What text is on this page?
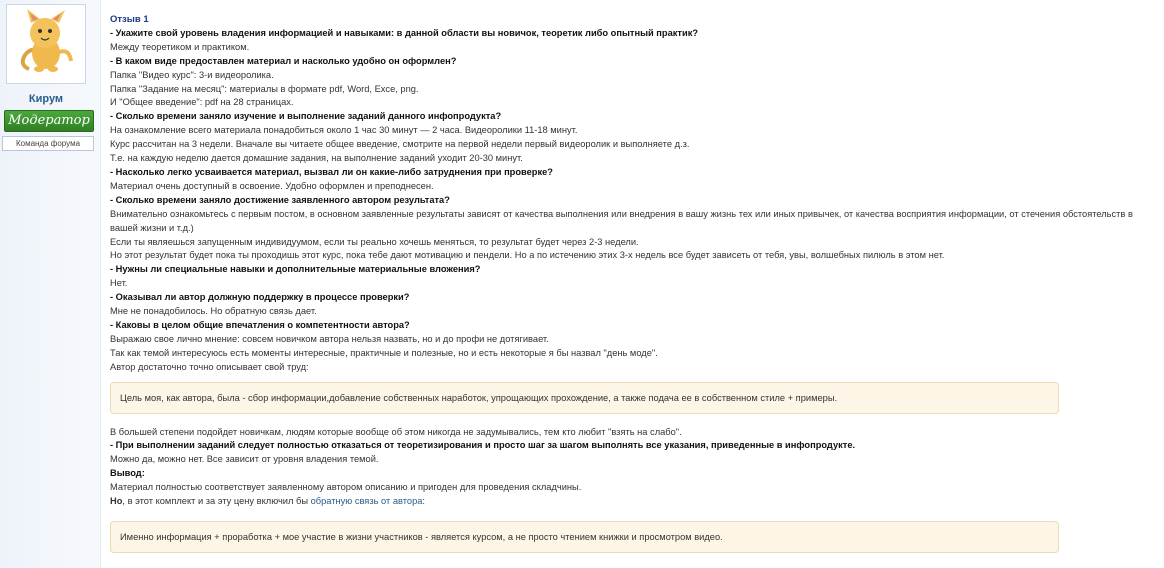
Кирум
Модератор
Команда форума
Отзыв 1
- Укажите свой уровень владения информацией и навыками: в данной области вы новичок, теоретик либо опытный практик?
Между теоретиком и практиком.
- В каком виде предоставлен материал и насколько удобно он оформлен?
Папка "Видео курс": 3-и видеоролика.
Папка "Задание на месяц": материалы в формате pdf, Word, Exce, png.
И "Общее введение": pdf на 28 страницах.
- Сколько времени заняло изучение и выполнение заданий данного инфопродукта?
На ознакомление всего материала понадобиться около 1 час 30 минут — 2 часа. Видеоролики 11-18 минут.
Курс рассчитан на 3 недели. Вначале вы читаете общее введение, смотрите на первой недели первый видеоролик и выполняете д.з.
Т.е. на каждую неделю дается домашние задания, на выполнение заданий уходит 20-30 минут.
- Насколько легко усваивается материал, вызвал ли он какие-либо затруднения при проверке?
Материал очень доступный в освоение. Удобно оформлен и преподнесен.
- Сколько времени заняло достижение заявленного автором результата?
Внимательно ознакомьтесь с первым постом, в основном заявленные результаты зависят от качества выполнения или внедрения в вашу жизнь тех или иных привычек, от качества восприятия информации, от стечения обстоятельств в вашей жизни и т.д.)
Если ты являешься запущенным индивидуумом, если ты реально хочешь меняться, то результат будет через 2-3 недели.
Но этот результат будет пока ты проходишь этот курс, пока тебе дают мотивацию и пендели. Но а по истечению этих 3-х недель все будет зависеть от тебя, увы, волшебных пилюль в этом нет.
- Нужны ли специальные навыки и дополнительные материальные вложения?
Нет.
- Оказывал ли автор должную поддержку в процессе проверки?
Мне не понадобилось. Но обратную связь дает.
- Каковы в целом общие впечатления о компетентности автора?
Выражаю свое лично мнение: совсем новичком автора нельзя назвать, но и до профи не дотягивает.
Так как темой интересуюсь есть моменты интересные, практичные и полезные, но и есть некоторые я бы назвал "день моде".
Автор достаточно точно описывает свой труд:
Цель моя, как автора, была - сбор информации,добавление собственных наработок, упрощающих прохождение, а также подача ее в собственном стиле + примеры.
В большей степени подойдет новичкам, людям которые вообще об этом никогда не задумывались, тем кто любит "взять на слабо".
- При выполнении заданий следует полностью отказаться от теоретизирования и просто шаг за шагом выполнять все указания, приведенные в инфопродукте.
Можно да, можно нет. Все зависит от уровня владения темой.
Вывод:
Материал полностью соответствует заявленному автором описанию и пригоден для проведения складчины.
Но, в этот комплект и за эту цену включил бы обратную связь от автора:
Именно информация + проработка + мое участие в жизни участников - является курсом, а не просто чтением книжки и просмотром видео.
